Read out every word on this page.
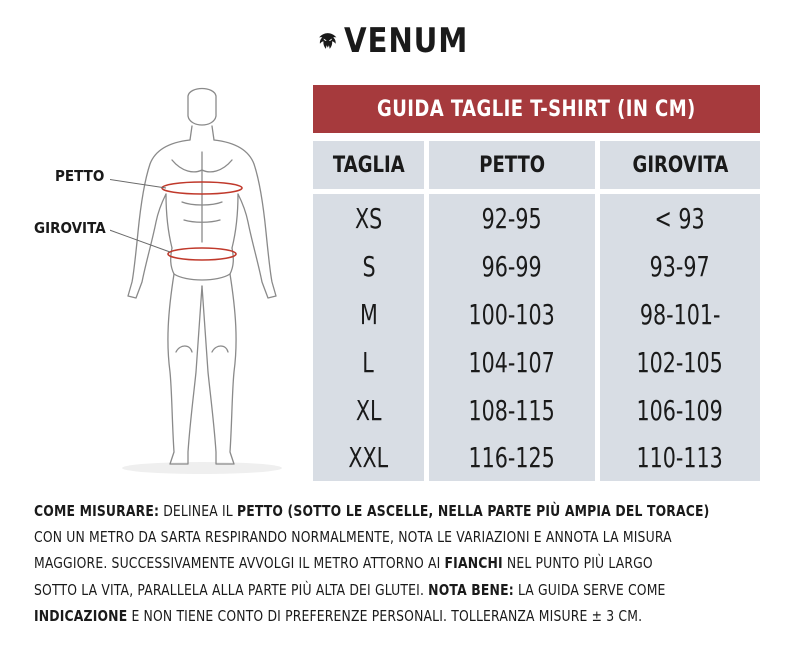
VENUM
PETTO
GIROVITA
GUIDA TAGLIE T-SHIRT (IN CM)
TAGLIA	PETTO	GIROVITA
XS
S
M
L
XL
XXL
92-95
96-99
100-103
104-107
108-115
116-125
< 93
93-97
98-101-
102-105
106-109
110-113
COME MISURARE: DELINEA IL PETTO (SOTTO LE ASCELLE, NELLA PARTE PIÙ AMPIA DEL TORACE)
CON UN METRO DA SARTA RESPIRANDO NORMALMENTE, NOTA LE VARIAZIONI E ANNOTA LA MISURA
MAGGIORE. SUCCESSIVAMENTE AVVOLGI IL METRO ATTORNO AI FIANCHI NEL PUNTO PIÙ LARGO
SOTTO LA VITA, PARALLELA ALLA PARTE PIÙ ALTA DEI GLUTEI. NOTA BENE: LA GUIDA SERVE COME
INDICAZIONE E NON TIENE CONTO DI PREFERENZE PERSONALI. TOLLERANZA MISURE ± 3 CM.
